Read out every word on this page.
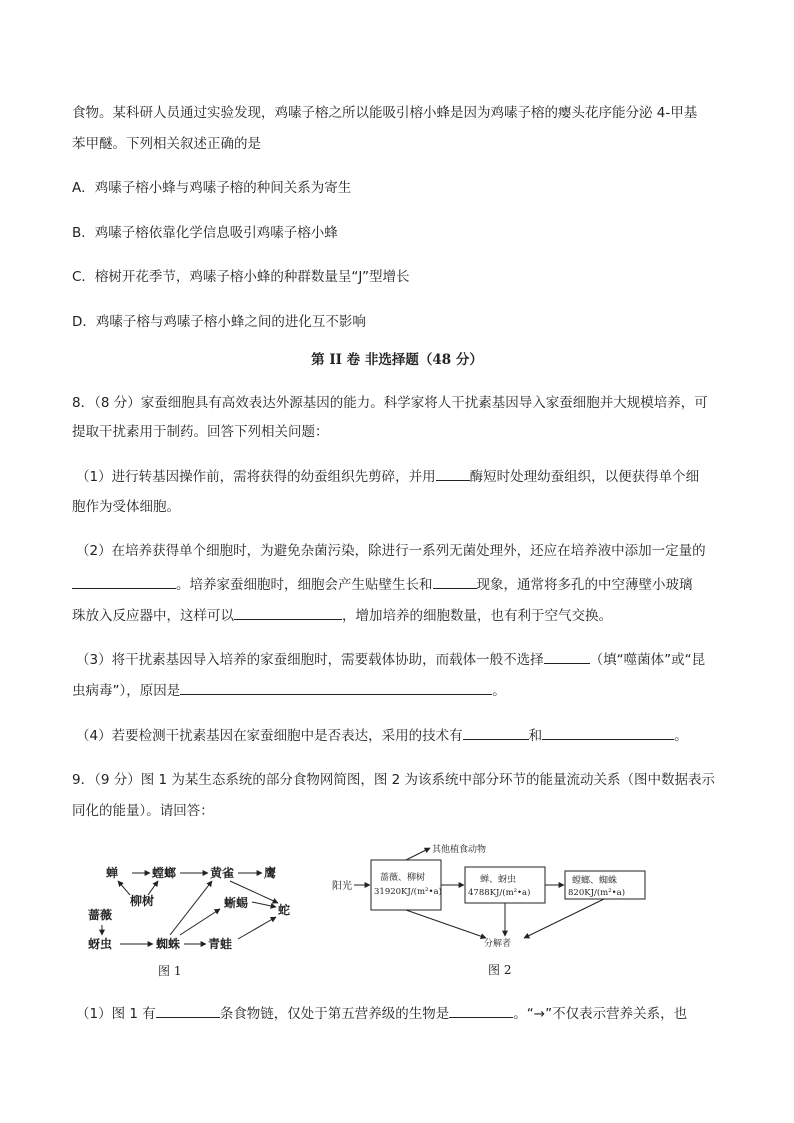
食物。某科研人员通过实验发现，鸡嗉子榕之所以能吸引榕小蜂是因为鸡嗉子榕的瘿头花序能分泌 4-甲基
苯甲醚。下列相关叙述正确的是
A．鸡嗉子榕小蜂与鸡嗉子榕的种间关系为寄生
B．鸡嗉子榕依靠化学信息吸引鸡嗉子榕小蜂
C．榕树开花季节，鸡嗉子榕小蜂的种群数量呈“J”型增长
D．鸡嗉子榕与鸡嗉子榕小蜂之间的进化互不影响
第 II 卷 非选择题（48 分）
8．（8 分）家蚕细胞具有高效表达外源基因的能力。科学家将人干扰素基因导入家蚕细胞并大规模培养，可
提取干扰素用于制药。回答下列相关问题：
（1）进行转基因操作前，需将获得的幼蚕组织先剪碎，并用	酶短时处理幼蚕组织，以便获得单个细
胞作为受体细胞。
（2）在培养获得单个细胞时，为避免杂菌污染，除进行一系列无菌处理外，还应在培养液中添加一定量的
。培养家蚕细胞时，细胞会产生贴壁生长和	现象，通常将多孔的中空薄壁小玻璃
珠放入反应器中，这样可以	，增加培养的细胞数量，也有利于空气交换。
（3）将干扰素基因导入培养的家蚕细胞时，需要载体协助，而载体一般不选择	（填“噬菌体”或“昆
虫病毒”），原因是	。
（4）若要检测干扰素基因在家蚕细胞中是否表达，采用的技术有	和	。
9．（9 分）图 1 为某生态系统的部分食物网简图，图 2 为该系统中部分环节的能量流动关系（图中数据表示
同化的能量）。请回答：
蝉	螳螂	黄雀 鹰
柳树	蜥蜴 蛇
蔷薇
蚜虫	蜘蛛 青蛙
图 1
其他植食动物
阳光
蔷薇、柳树
31920KJ/(m²•a)
蝉、蚜虫
4788KJ/(m²•a)
螳螂、蜘蛛
820KJ/(m²•a)
分解者
图 2
（1）图 1 有	条食物链，仅处于第五营养级的生物是	。“→”不仅表示营养关系，也
